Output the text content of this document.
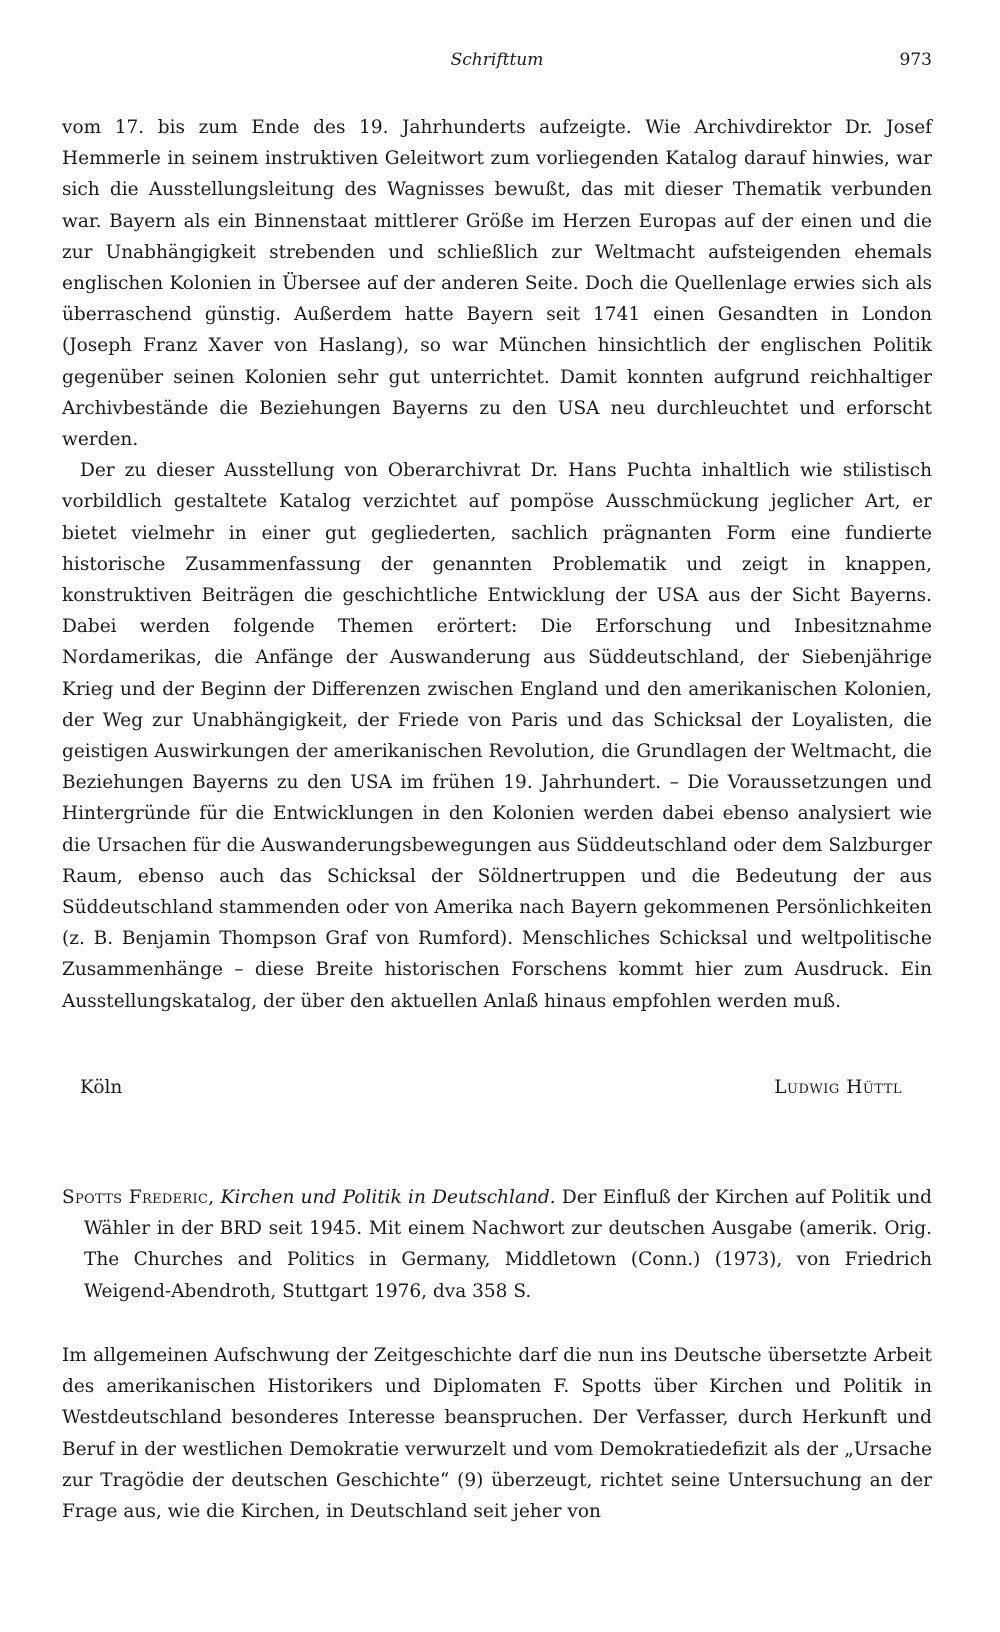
Schrifttum	973

vom 17. bis zum Ende des 19. Jahrhunderts aufzeigte. Wie Archivdirektor Dr. Josef Hemmerle in seinem instruktiven Geleitwort zum vorliegenden Katalog darauf hinwies, war sich die Ausstellungsleitung des Wagnisses bewußt, das mit dieser Thematik verbunden war. Bayern als ein Binnenstaat mittlerer Größe im Herzen Europas auf der einen und die zur Unabhängigkeit strebenden und schließlich zur Weltmacht aufsteigenden ehemals englischen Kolonien in Übersee auf der anderen Seite. Doch die Quellenlage erwies sich als überraschend günstig. Außerdem hatte Bayern seit 1741 einen Gesandten in London (Joseph Franz Xaver von Haslang), so war München hinsichtlich der englischen Politik gegenüber seinen Kolonien sehr gut unterrichtet. Damit konnten aufgrund reichhaltiger Archivbestände die Beziehungen Bayerns zu den USA neu durchleuchtet und erforscht werden.

Der zu dieser Ausstellung von Oberarchivrat Dr. Hans Puchta inhaltlich wie stilistisch vorbildlich gestaltete Katalog verzichtet auf pompöse Ausschmückung jeglicher Art, er bietet vielmehr in einer gut gegliederten, sachlich prägnanten Form eine fundierte historische Zusammenfassung der genannten Problematik und zeigt in knappen, konstruktiven Beiträgen die geschichtliche Entwicklung der USA aus der Sicht Bayerns. Dabei werden folgende Themen erörtert: Die Erforschung und Inbesitznahme Nordamerikas, die Anfänge der Auswanderung aus Süddeutschland, der Siebenjährige Krieg und der Beginn der Differenzen zwischen England und den amerikanischen Kolonien, der Weg zur Unabhängigkeit, der Friede von Paris und das Schicksal der Loyalisten, die geistigen Auswirkungen der amerikanischen Revolution, die Grundlagen der Weltmacht, die Beziehungen Bayerns zu den USA im frühen 19. Jahrhundert. – Die Voraussetzungen und Hintergründe für die Entwicklungen in den Kolonien werden dabei ebenso analysiert wie die Ursachen für die Auswanderungsbewegungen aus Süddeutschland oder dem Salzburger Raum, ebenso auch das Schicksal der Söldnertruppen und die Bedeutung der aus Süddeutschland stammenden oder von Amerika nach Bayern gekommenen Persönlichkeiten (z. B. Benjamin Thompson Graf von Rumford). Menschliches Schicksal und weltpolitische Zusammenhänge – diese Breite historischen Forschens kommt hier zum Ausdruck. Ein Ausstellungskatalog, der über den aktuellen Anlaß hinaus empfohlen werden muß.

Köln	Ludwig Hüttl
Spotts Frederic, Kirchen und Politik in Deutschland. Der Einfluß der Kirchen auf Politik und Wähler in der BRD seit 1945. Mit einem Nachwort zur deutschen Ausgabe (amerik. Orig. The Churches and Politics in Germany, Middletown (Conn.) (1973), von Friedrich Weigend-Abendroth, Stuttgart 1976, dva 358 S.

Im allgemeinen Aufschwung der Zeitgeschichte darf die nun ins Deutsche übersetzte Arbeit des amerikanischen Historikers und Diplomaten F. Spotts über Kirchen und Politik in Westdeutschland besonderes Interesse beanspruchen. Der Verfasser, durch Herkunft und Beruf in der westlichen Demokratie verwurzelt und vom Demokratiedefizit als der „Ursache zur Tragödie der deutschen Geschichte“ (9) überzeugt, richtet seine Untersuchung an der Frage aus, wie die Kirchen, in Deutschland seit jeher von
